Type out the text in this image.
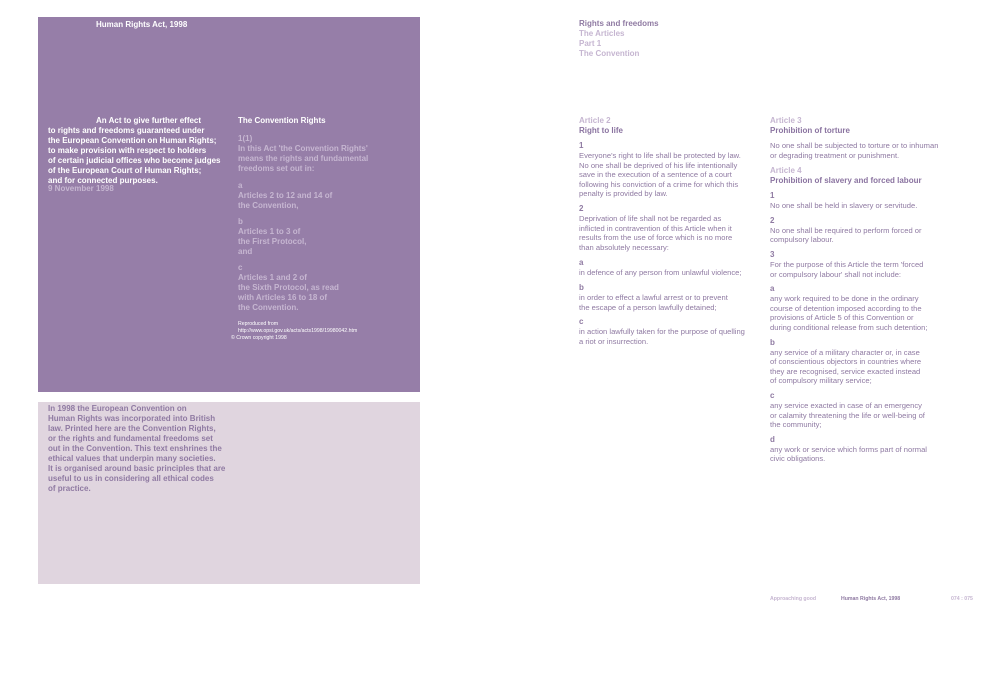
Human Rights Act, 1998
An Act to give further effect
to rights and freedoms guaranteed under
the European Convention on Human Rights;
to make provision with respect to holders
of certain judicial offices who become judges
of the European Court of Human Rights;
and for connected purposes.
9 November 1998
The Convention Rights
1(1)
In this Act 'the Convention Rights'
means the rights and fundamental
freedoms set out in:
a
Articles 2 to 12 and 14 of
the Convention,
b
Articles 1 to 3 of
the First Protocol,
and
c
Articles 1 and 2 of
the Sixth Protocol, as read
with Articles 16 to 18 of
the Convention.
Reproduced from
http://www.opsi.gov.uk/acts/acts1998/19980042.htm
© Crown copyright 1998
In 1998 the European Convention on
Human Rights was incorporated into British
law. Printed here are the Convention Rights,
or the rights and fundamental freedoms set
out in the Convention. This text enshrines the
ethical values that underpin many societies.
It is organised around basic principles that are
useful to us in considering all ethical codes
of practice.
Rights and freedoms
The Articles
Part 1
The Convention
Article 2
Right to life
1
Everyone's right to life shall be protected by law.
No one shall be deprived of his life intentionally
save in the execution of a sentence of a court
following his conviction of a crime for which this
penalty is provided by law.
2
Deprivation of life shall not be regarded as
inflicted in contravention of this Article when it
results from the use of force which is no more
than absolutely necessary:
a
in defence of any person from unlawful violence;
b
in order to effect a lawful arrest or to prevent
the escape of a person lawfully detained;
c
in action lawfully taken for the purpose of quelling
a riot or insurrection.
Article 3
Prohibition of torture
No one shall be subjected to torture or to inhuman
or degrading treatment or punishment.
Article 4
Prohibition of slavery and forced labour
1
No one shall be held in slavery or servitude.
2
No one shall be required to perform forced or
compulsory labour.
3
For the purpose of this Article the term 'forced
or compulsory labour' shall not include:
a
any work required to be done in the ordinary
course of detention imposed according to the
provisions of Article 5 of this Convention or
during conditional release from such detention;
b
any service of a military character or, in case
of conscientious objectors in countries where
they are recognised, service exacted instead
of compulsory military service;
c
any service exacted in case of an emergency
or calamity threatening the life or well-being of
the community;
d
any work or service which forms part of normal
civic obligations.
Approaching good	Human Rights Act, 1998	074 : 075
